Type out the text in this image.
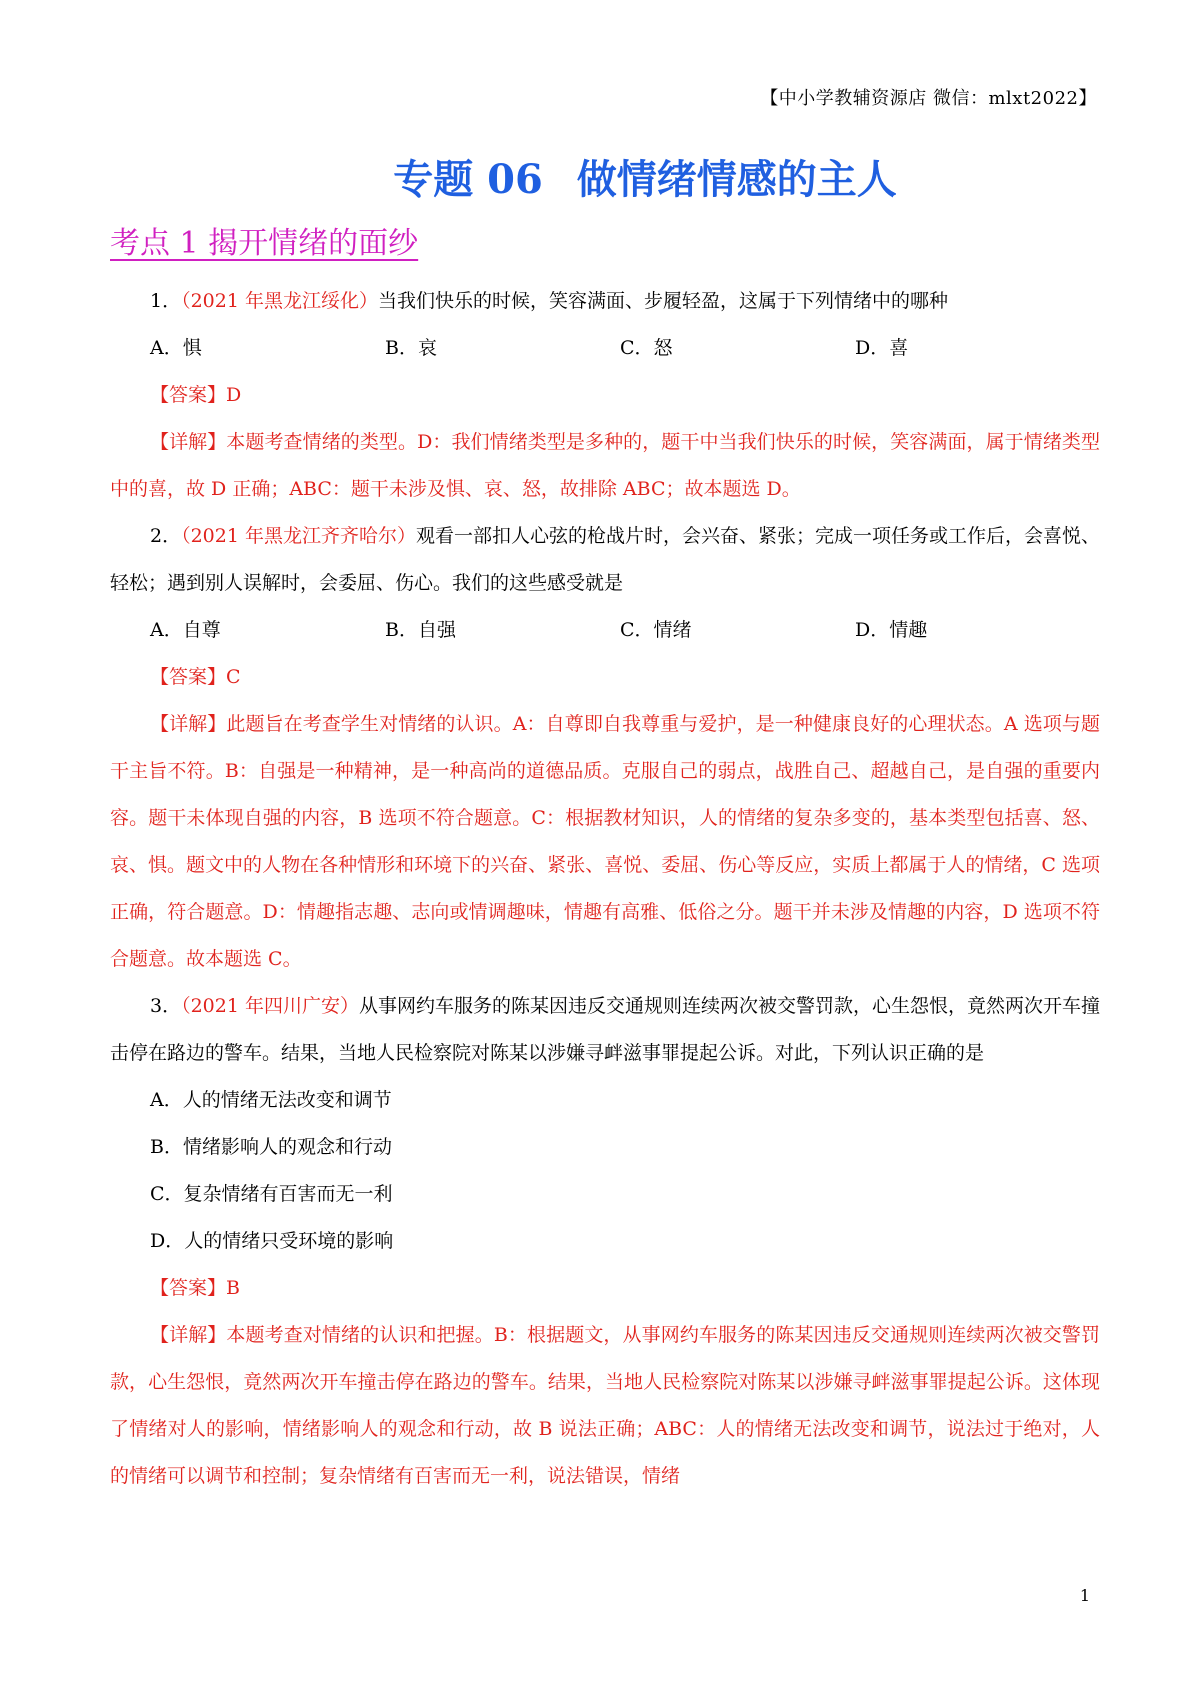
【中小学教辅资源店 微信：mlxt2022】
专题 06 做情绪情感的主人
考点 1 揭开情绪的面纱

1．（2021 年黑龙江绥化）当我们快乐的时候，笑容满面、步履轻盈，这属于下列情绪中的哪种

A．惧	B．哀	C．怒	D．喜

【答案】D

【详解】本题考查情绪的类型。D：我们情绪类型是多种的，题干中当我们快乐的时候，笑容满面，属于情绪类型中的喜，故 D 正确；ABC：题干未涉及惧、哀、怒，故排除 ABC；故本题选 D。

2．（2021 年黑龙江齐齐哈尔）观看一部扣人心弦的枪战片时，会兴奋、紧张；完成一项任务或工作后，会喜悦、轻松；遇到别人误解时，会委屈、伤心。我们的这些感受就是

A．自尊	B．自强	C．情绪	D．情趣

【答案】C

【详解】此题旨在考查学生对情绪的认识。A：自尊即自我尊重与爱护，是一种健康良好的心理状态。A 选项与题干主旨不符。B：自强是一种精神，是一种高尚的道德品质。克服自己的弱点，战胜自己、超越自己，是自强的重要内容。题干未体现自强的内容，B 选项不符合题意。C：根据教材知识，人的情绪的复杂多变的，基本类型包括喜、怒、哀、惧。题文中的人物在各种情形和环境下的兴奋、紧张、喜悦、委屈、伤心等反应，实质上都属于人的情绪，C 选项正确，符合题意。D：情趣指志趣、志向或情调趣味，情趣有高雅、低俗之分。题干并未涉及情趣的内容，D 选项不符合题意。故本题选 C。

3．（2021 年四川广安）从事网约车服务的陈某因违反交通规则连续两次被交警罚款，心生怨恨，竟然两次开车撞击停在路边的警车。结果，当地人民检察院对陈某以涉嫌寻衅滋事罪提起公诉。对此，下列认识正确的是

A．人的情绪无法改变和调节

B．情绪影响人的观念和行动

C．复杂情绪有百害而无一利

D．人的情绪只受环境的影响

【答案】B

【详解】本题考查对情绪的认识和把握。B：根据题文，从事网约车服务的陈某因违反交通规则连续两次被交警罚款，心生怨恨，竟然两次开车撞击停在路边的警车。结果，当地人民检察院对陈某以涉嫌寻衅滋事罪提起公诉。这体现了情绪对人的影响，情绪影响人的观念和行动，故 B 说法正确；ABC：人的情绪无法改变和调节，说法过于绝对，人的情绪可以调节和控制；复杂情绪有百害而无一利，说法错误，情绪

1
